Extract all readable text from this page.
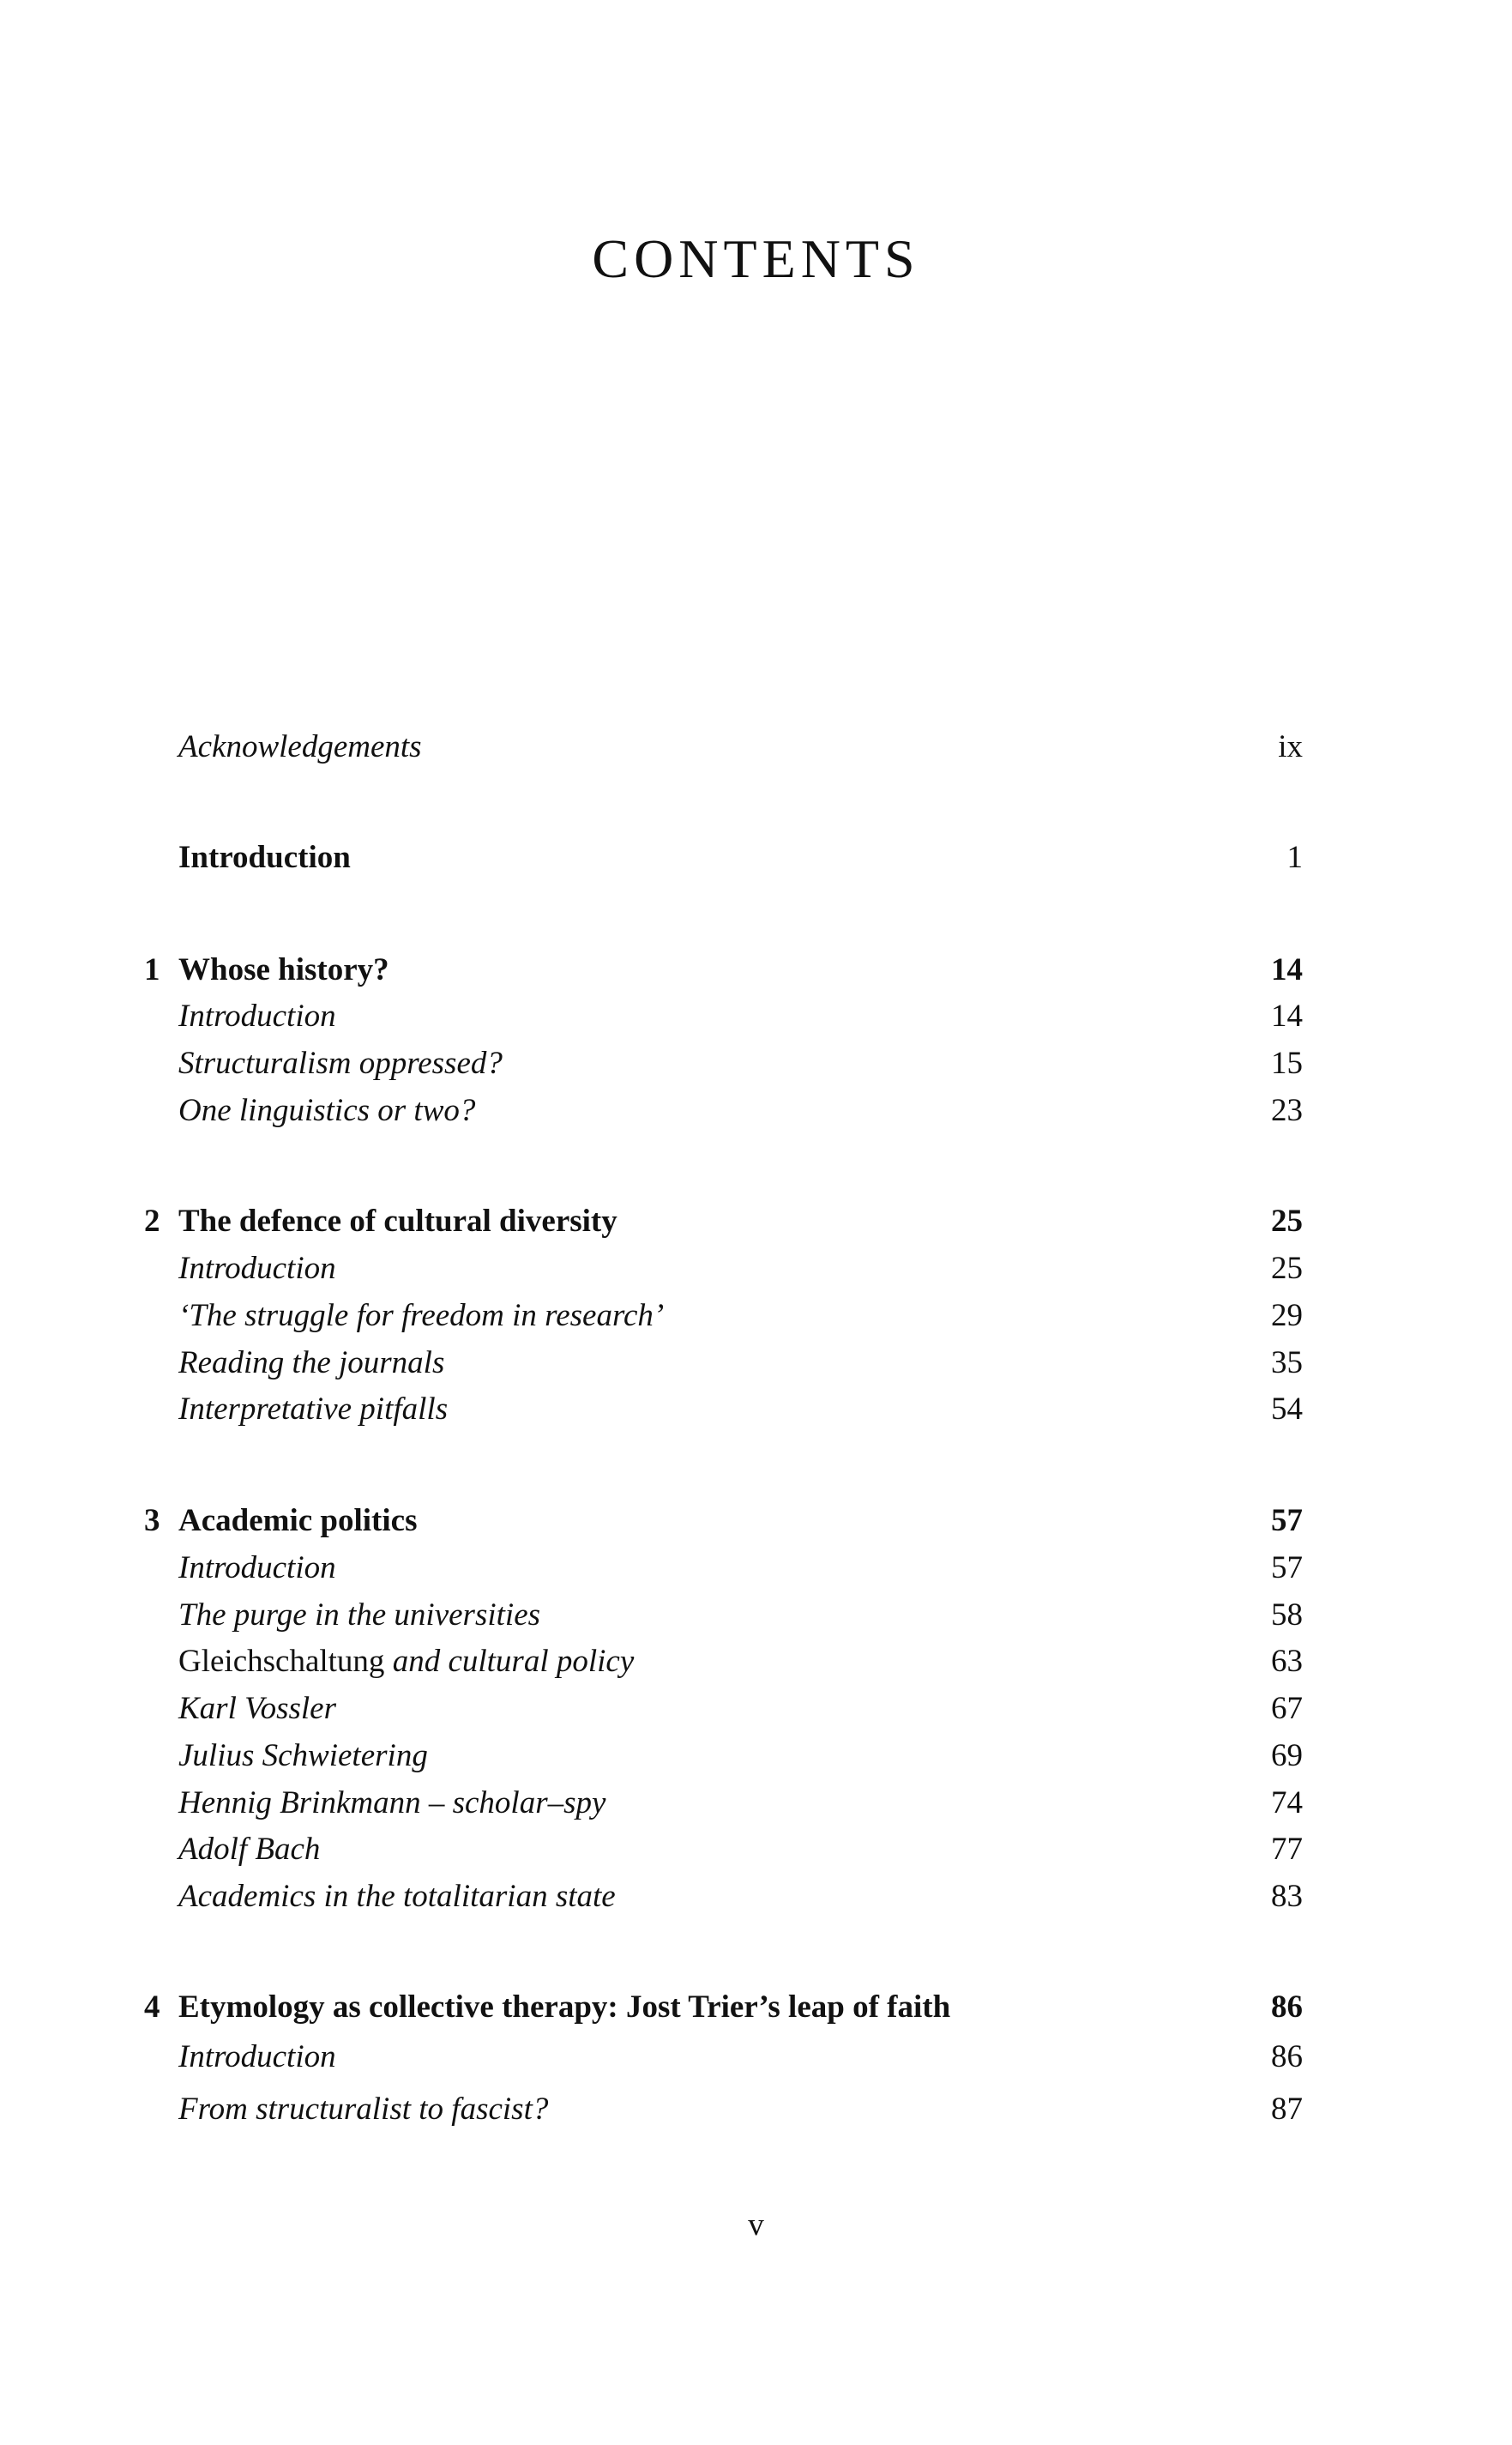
CONTENTS
Acknowledgements	ix
Introduction	1
1 Whose history?	14
Introduction	14
Structuralism oppressed?	15
One linguistics or two?	23
2 The defence of cultural diversity	25
Introduction	25
‘The struggle for freedom in research’	29
Reading the journals	35
Interpretative pitfalls	54
3 Academic politics	57
Introduction	57
The purge in the universities	58
Gleichschaltung and cultural policy	63
Karl Vossler	67
Julius Schwietering	69
Hennig Brinkmann – scholar–spy	74
Adolf Bach	77
Academics in the totalitarian state	83
4 Etymology as collective therapy: Jost Trier’s leap of faith	86
Introduction	86
From structuralist to fascist?	87
v
